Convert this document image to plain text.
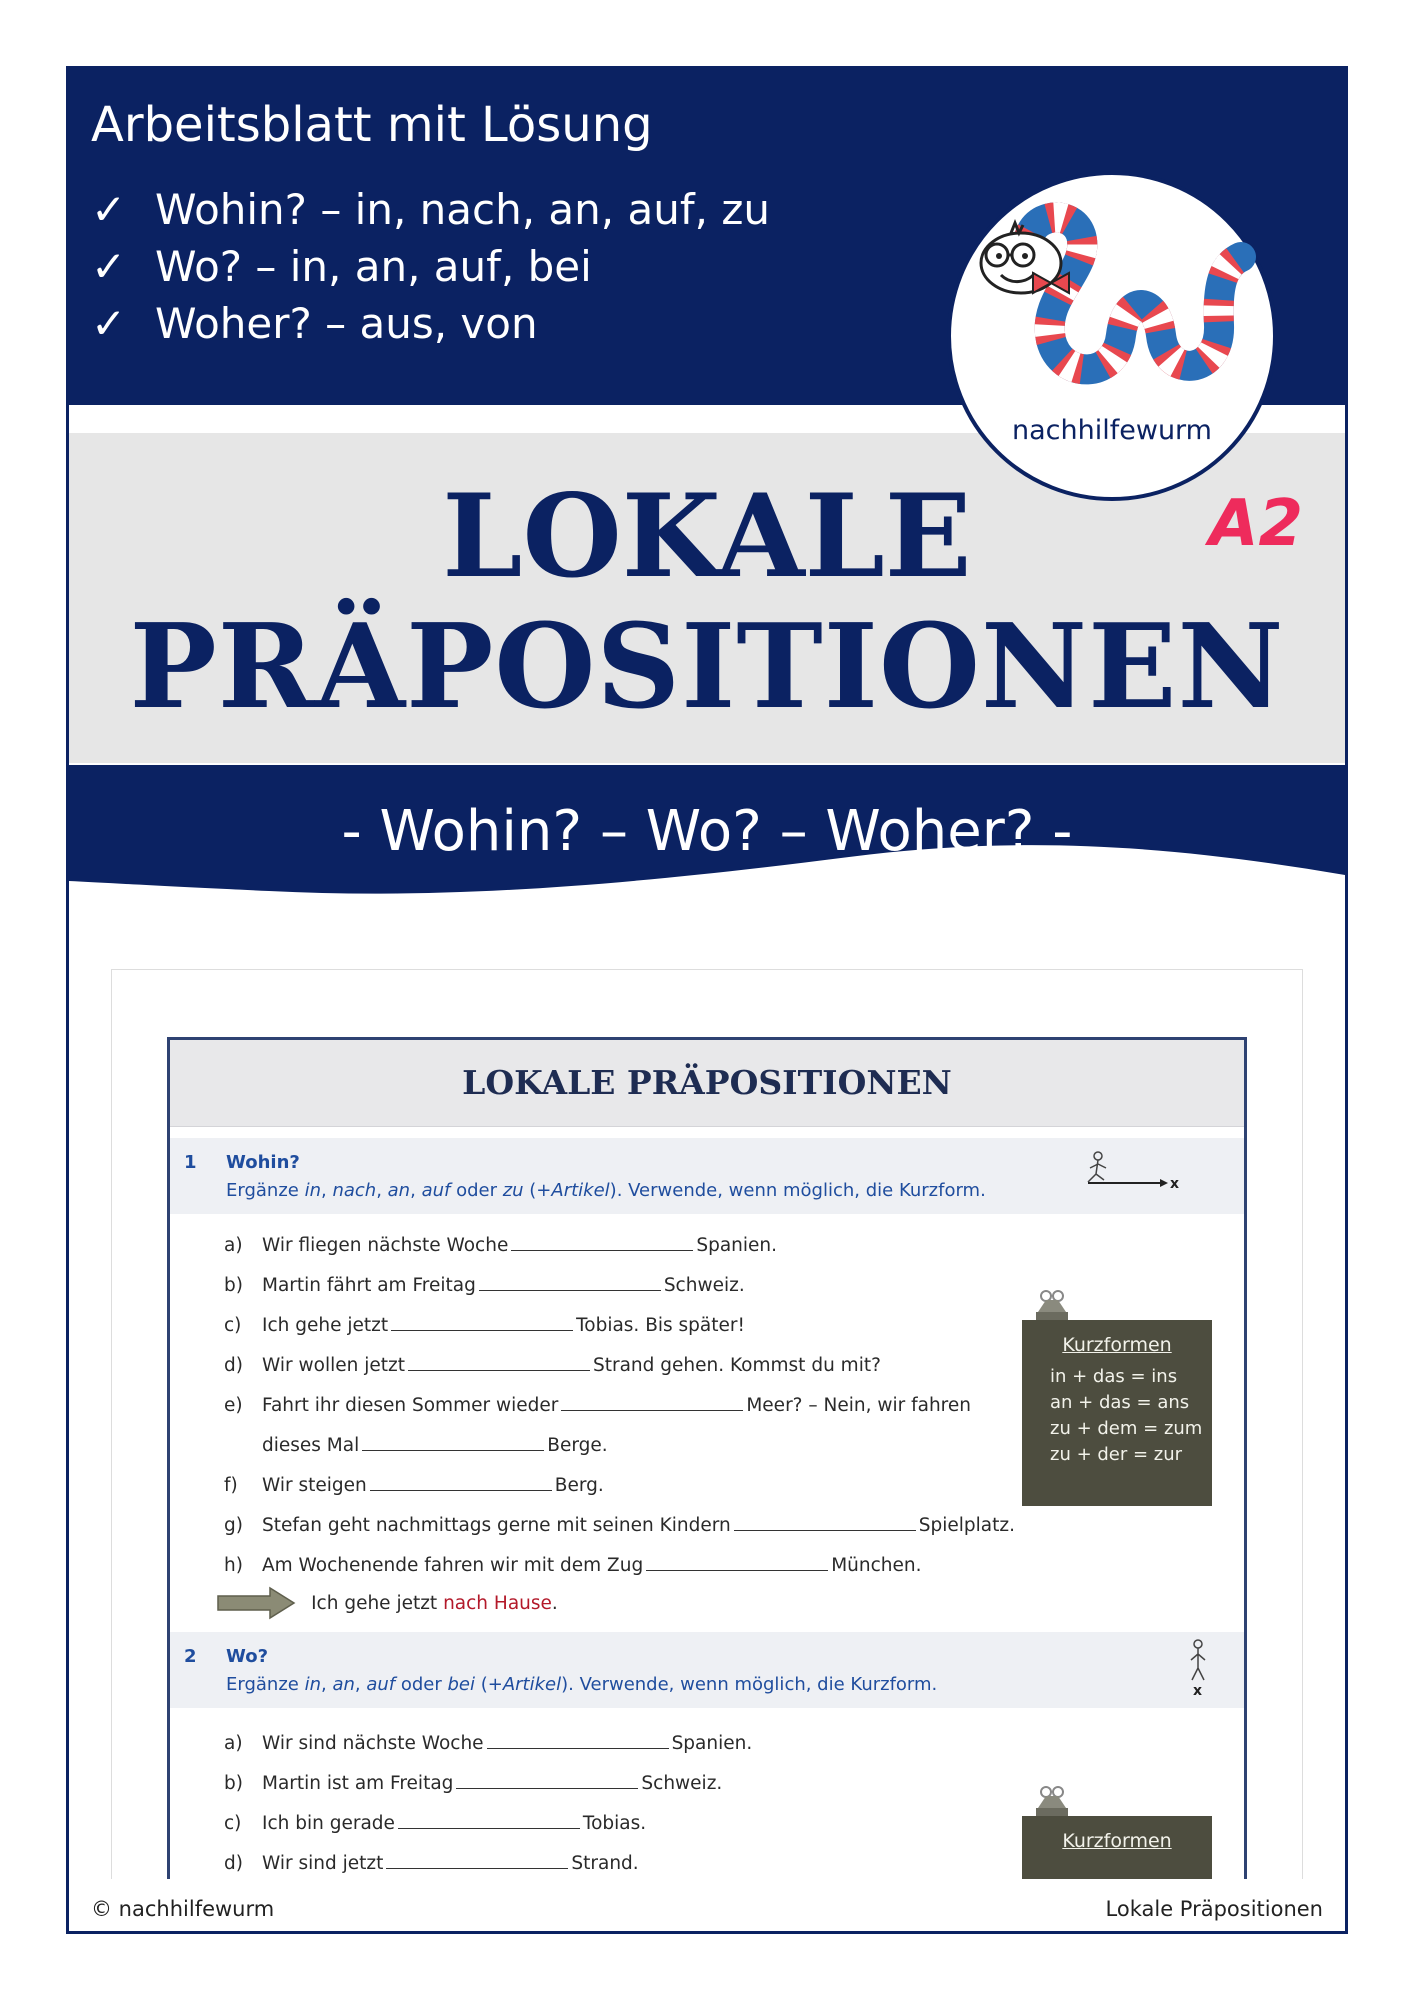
Arbeitsblatt mit Lösung
✓ Wohin? – in, nach, an, auf, zu
✓ Wo? – in, an, auf, bei
✓ Woher? – aus, von
LOKALE
PRÄPOSITIONEN
A2
- Wohin? – Wo? – Woher? -
nachhilfewurm
LOKALE PRÄPOSITIONEN
1 Wohin?
Ergänze in, nach, an, auf oder zu (+Artikel). Verwende, wenn möglich, die Kurzform.	x
a) Wir fliegen nächste Woche	Spanien.
b) Martin fährt am Freitag	Schweiz.
c) Ich gehe jetzt	Tobias. Bis später!
d) Wir wollen jetzt	Strand gehen. Kommst du mit?
e) Fahrt ihr diesen Sommer wieder	Meer? – Nein, wir fahren
dieses Mal	Berge.
f) Wir steigen	Berg.
g) Stefan geht nachmittags gerne mit seinen Kindern	Spielplatz.
h) Am Wochenende fahren wir mit dem Zug	München.
Ich gehe jetzt nach Hause.
Kurzformen
in + das = ins
an + das = ans
zu + dem = zum
zu + der = zur
2 Wo?
Ergänze in, an, auf oder bei (+Artikel). Verwende, wenn möglich, die Kurzform.	x
a) Wir sind nächste Woche	Spanien.
b) Martin ist am Freitag	Schweiz.
c) Ich bin gerade	Tobias.
d) Wir sind jetzt	Strand.
Kurzformen
© nachhilfewurm	Lokale Präpositionen
